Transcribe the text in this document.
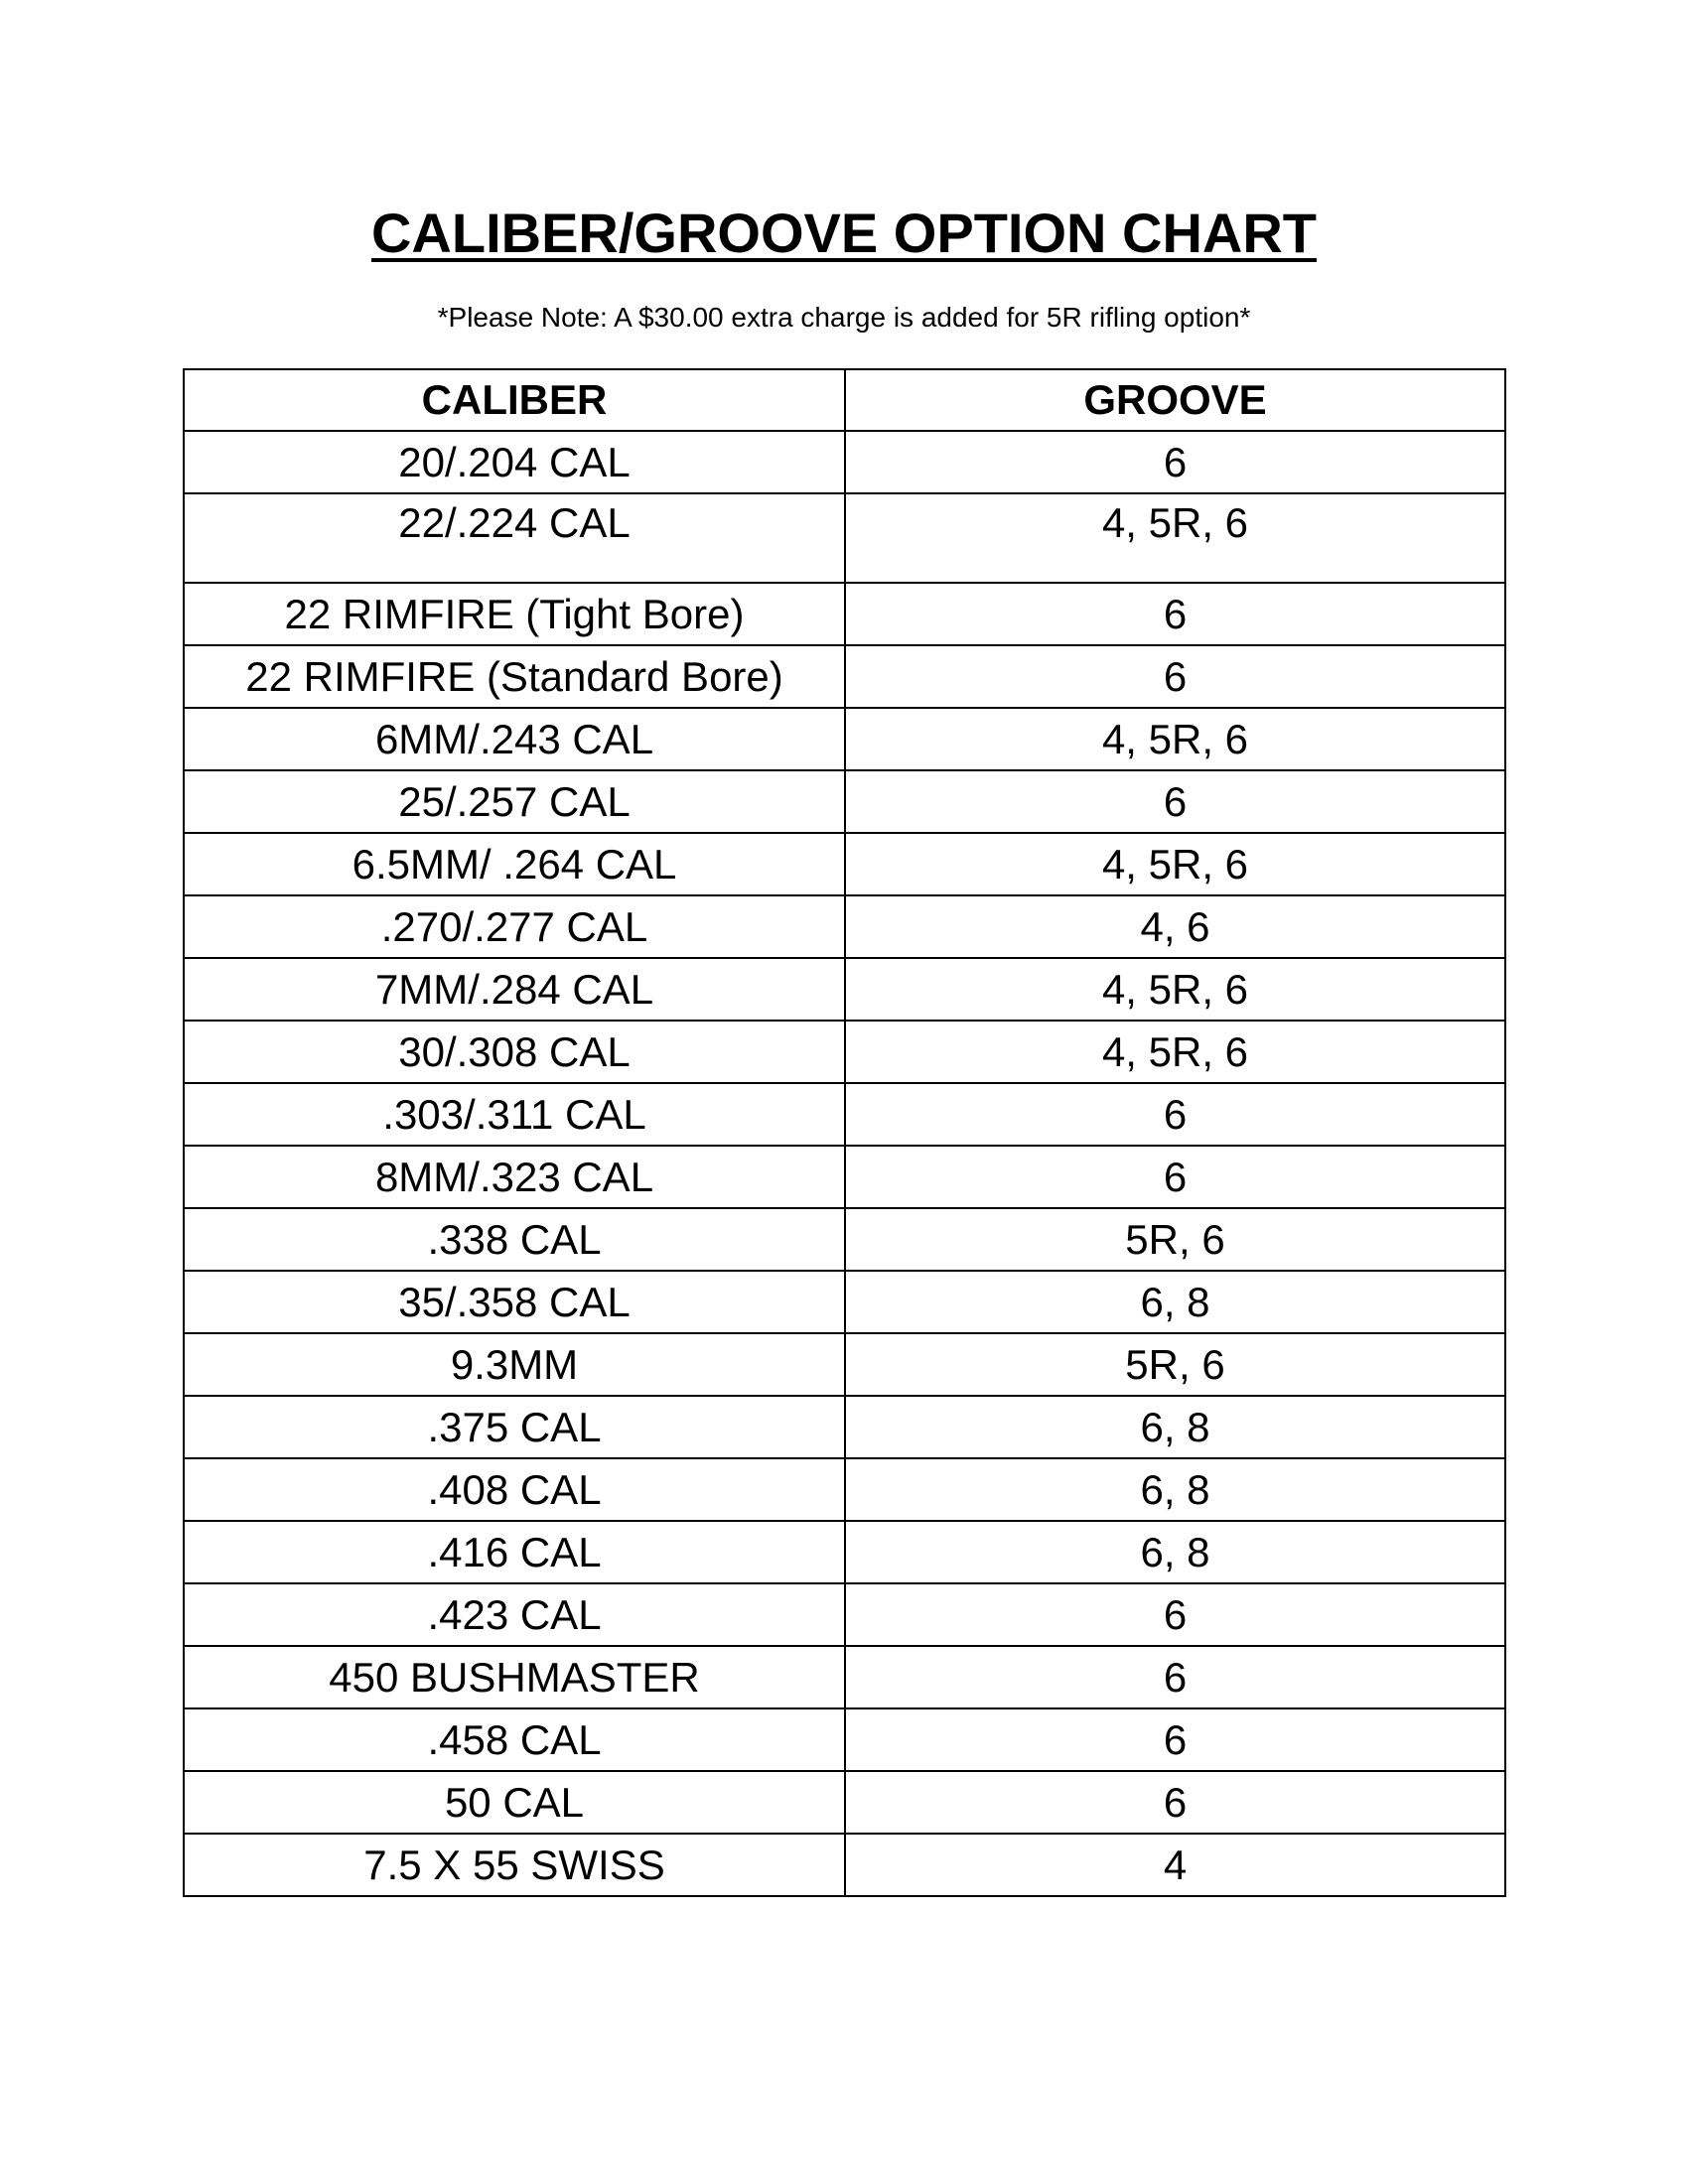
CALIBER/GROOVE OPTION CHART
*Please Note: A $30.00 extra charge is added for 5R rifling option*
CALIBER	GROOVE
20/.204 CAL	6
22/.224 CAL	4, 5R, 6
22 RIMFIRE (Tight Bore)	6
22 RIMFIRE (Standard Bore)	6
6MM/.243 CAL	4, 5R, 6
25/.257 CAL	6
6.5MM/ .264 CAL	4, 5R, 6
.270/.277 CAL	4, 6
7MM/.284 CAL	4, 5R, 6
30/.308 CAL	4, 5R, 6
.303/.311 CAL	6
8MM/.323 CAL	6
.338 CAL	5R, 6
35/.358 CAL	6, 8
9.3MM	5R, 6
.375 CAL	6, 8
.408 CAL	6, 8
.416 CAL	6, 8
.423 CAL	6
450 BUSHMASTER	6
.458 CAL	6
50 CAL	6
7.5 X 55 SWISS	4
